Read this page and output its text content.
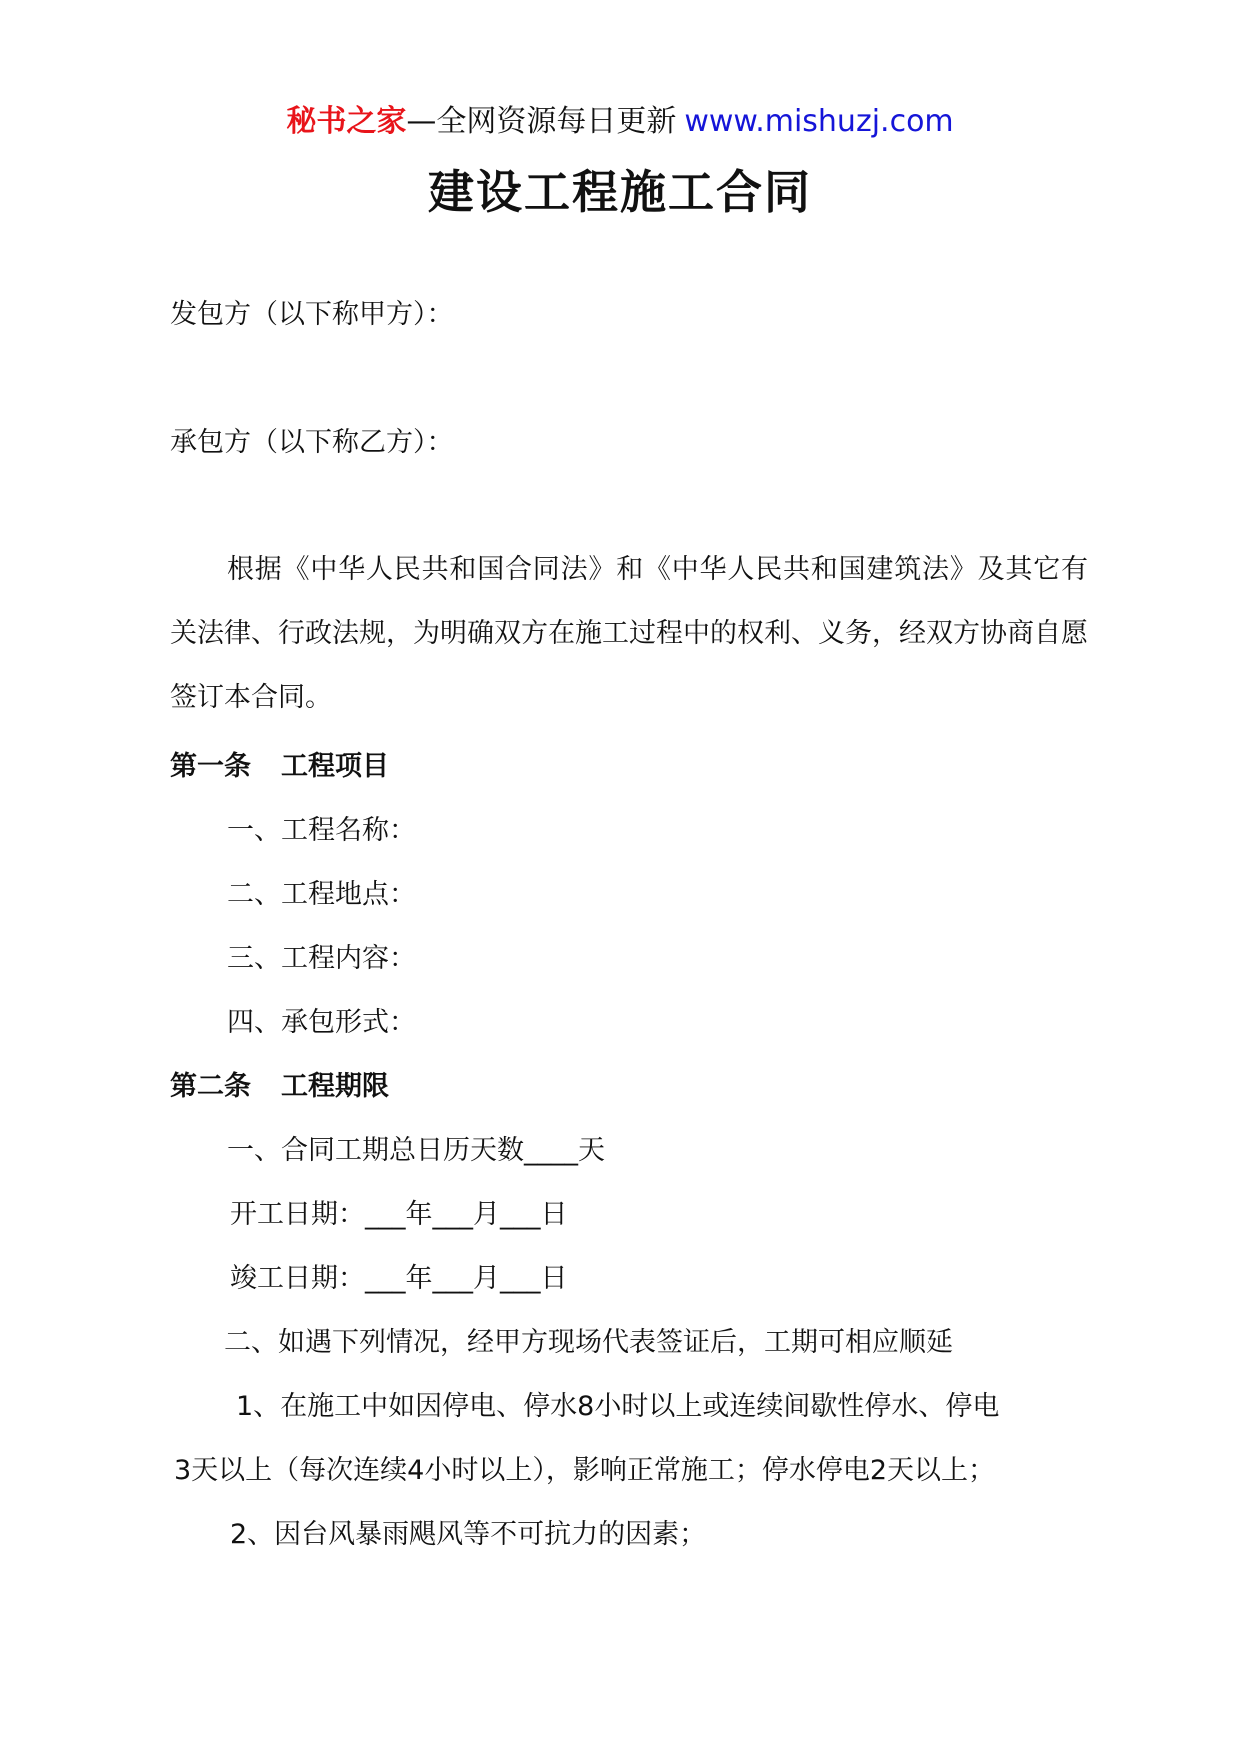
秘书之家—全网资源每日更新 www.mishuzj.com
建设工程施工合同
发包方（以下称甲方）：
承包方（以下称乙方）：
根据《中华人民共和国合同法》和《中华人民共和国建筑法》及其它有关法律、行政法规，为明确双方在施工过程中的权利、义务，经双方协商自愿签订本合同。
第一条 工程项目
一、工程名称：
二、工程地点：
三、工程内容：
四、承包形式：
第二条 工程期限
一、合同工期总日历天数____天
开工日期：___年___月___日
竣工日期：___年___月___日
二、如遇下列情况，经甲方现场代表签证后，工期可相应顺延
1、在施工中如因停电、停水8小时以上或连续间歇性停水、停电
3天以上（每次连续4小时以上），影响正常施工；停水停电2天以上；
2、因台风暴雨飓风等不可抗力的因素；
